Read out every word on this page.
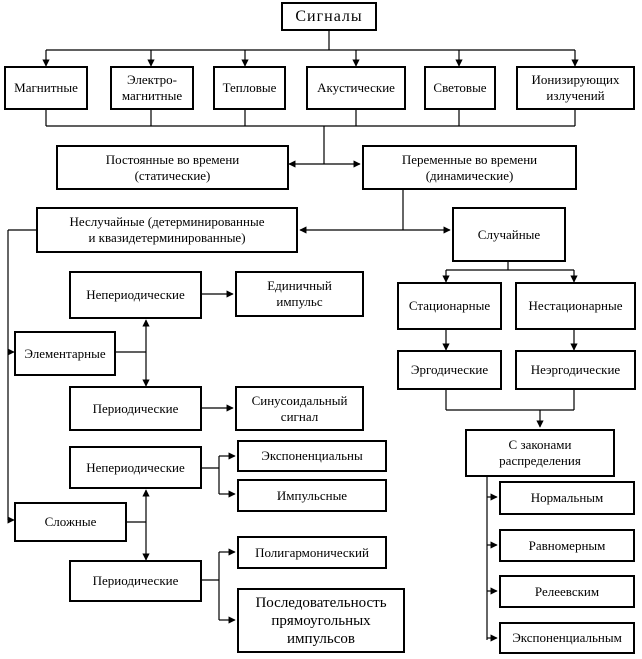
Сигналы
Магнитные
Электро-
магнитные
Тепловые	Акустические	Световые
Ионизирующих
излучений
Постоянные во времени
(статические)
Переменные во времени
(динамические)
Неслучайные (детерминированные
и квазидетерминированные)	Случайные
Непериодические
Единичный
импульс
Элементарные
Периодические
Синусоидальный
сигнал
Непериодические
Экспоненциальны
Импульсные
Сложные
Периодические
Полигармонический
Последовательность
прямоугольных
импульсов
Стационарные	Нестационарные
Эргодические	Неэргодические
С законами
распределения
Нормальным
Равномерным
Релеевским
Экспоненциальным
